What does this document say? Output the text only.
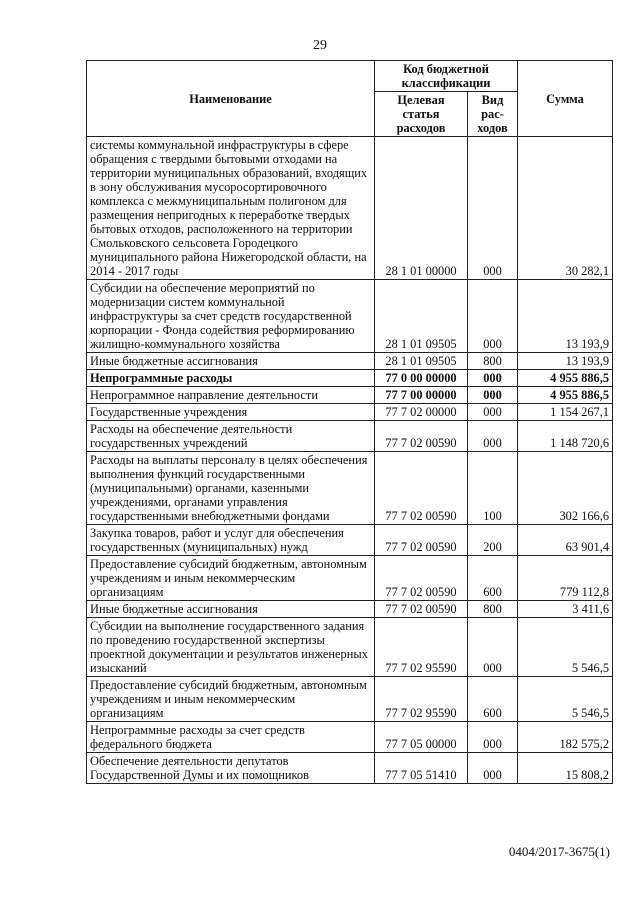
29
Наименование	Код бюджетной классификации		Сумма
	Целевая статья расходов	Вид рас-ходов	
системы коммунальной инфраструктуры в сфере обращения с твердыми бытовыми отходами на территории муниципальных образований, входящих в зону обслуживания мусоросортировочного комплекса с межмуниципальным полигоном для размещения непригодных к переработке твердых бытовых отходов, расположенного на территории Смольковского сельсовета Городецкого муниципального района Нижегородской области, на 2014 - 2017 годы	28 1 01 00000	000	30 282,1
Субсидии на обеспечение мероприятий по модернизации систем коммунальной инфраструктуры за счет средств государственной корпорации - Фонда содействия реформированию жилищно-коммунального хозяйства	28 1 01 09505	000	13 193,9
Иные бюджетные ассигнования	28 1 01 09505	800	13 193,9
Непрограммные расходы	77 0 00 00000	000	4 955 886,5
Непрограммное направление деятельности	77 7 00 00000	000	4 955 886,5
Государственные учреждения	77 7 02 00000	000	1 154 267,1
Расходы на обеспечение деятельности государственных учреждений	77 7 02 00590	000	1 148 720,6
Расходы на выплаты персоналу в целях обеспечения выполнения функций государственными (муниципальными) органами, казенными учреждениями, органами управления государственными внебюджетными фондами	77 7 02 00590	100	302 166,6
Закупка товаров, работ и услуг для обеспечения государственных (муниципальных) нужд	77 7 02 00590	200	63 901,4
Предоставление субсидий бюджетным, автономным учреждениям и иным некоммерческим организациям	77 7 02 00590	600	779 112,8
Иные бюджетные ассигнования	77 7 02 00590	800	3 411,6
Субсидии на выполнение государственного задания по проведению государственной экспертизы проектной документации и результатов инженерных изысканий	77 7 02 95590	000	5 546,5
Предоставление субсидий бюджетным, автономным учреждениям и иным некоммерческим организациям	77 7 02 95590	600	5 546,5
Непрограммные расходы за счет средств федерального бюджета	77 7 05 00000	000	182 575,2
Обеспечение деятельности депутатов Государственной Думы и их помощников	77 7 05 51410	000	15 808,2
0404/2017-3675(1)
